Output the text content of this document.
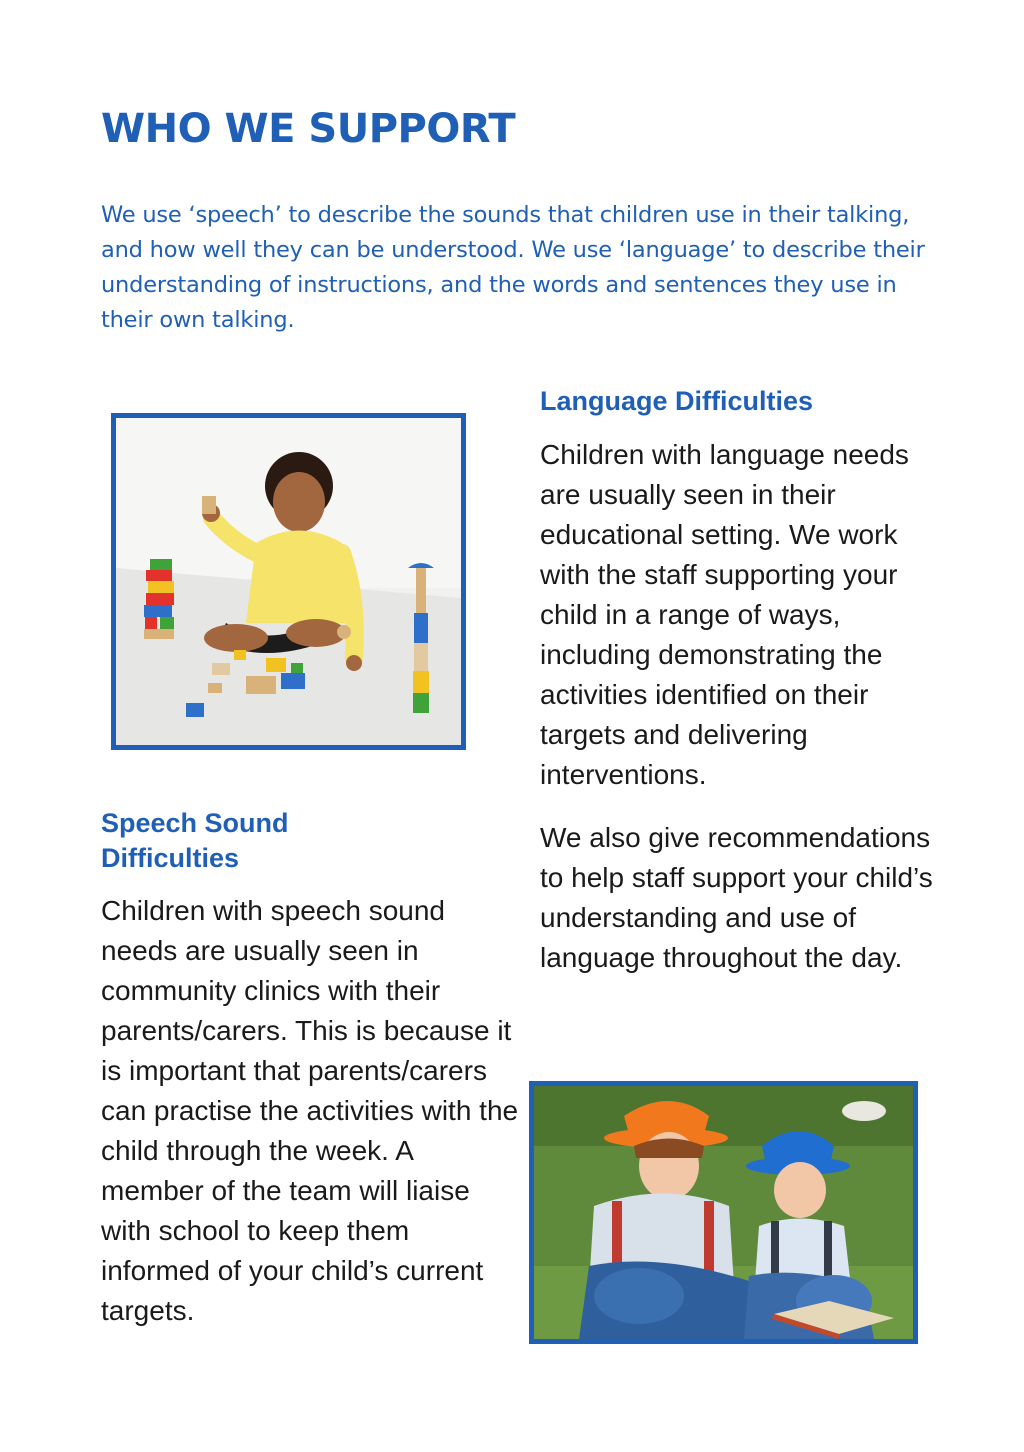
WHO WE SUPPORT

We use ‘speech’ to describe the sounds that children use in their talking, and how well they can be understood. We use ‘language’ to describe their understanding of instructions, and the words and sentences they use in their own talking.

Language Difficulties

Children with language needs are usually seen in their educational setting. We work with the staff supporting your child in a range of ways, including demonstrating the activities identified on their targets and delivering interventions.

We also give recommendations to help staff support your child’s understanding and use of language throughout the day.

Speech Sound
Difficulties

Children with speech sound needs are usually seen in community clinics with their parents/carers. This is because it is important that parents/carers can practise the activities with the child through the week. A member of the team will liaise with school to keep them informed of your child’s current targets.
